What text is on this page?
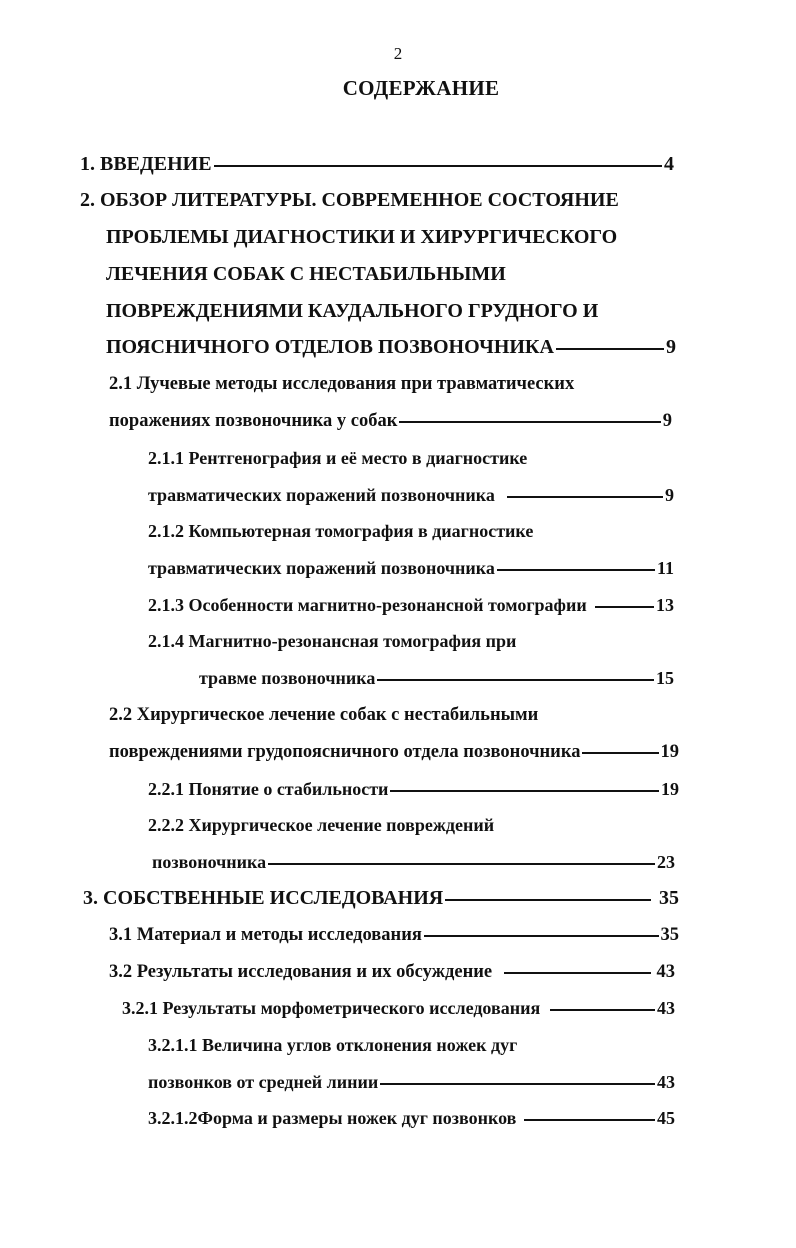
2
СОДЕРЖАНИЕ
1. ВВЕДЕНИЕ	4
2. ОБЗОР ЛИТЕРАТУРЫ. СОВРЕМЕННОЕ СОСТОЯНИЕ
ПРОБЛЕМЫ ДИАГНОСТИКИ И ХИРУРГИЧЕСКОГО
ЛЕЧЕНИЯ СОБАК С НЕСТАБИЛЬНЫМИ
ПОВРЕЖДЕНИЯМИ КАУДАЛЬНОГО ГРУДНОГО И
ПОЯСНИЧНОГО ОТДЕЛОВ ПОЗВОНОЧНИКА	9
2.1 Лучевые методы исследования при травматических
поражениях позвоночника у собак	9
2.1.1 Рентгенография и её место в диагностике
травматических поражений позвоночника	9
2.1.2 Компьютерная томография в диагностике
травматических поражений позвоночника	11
2.1.3 Особенности магнитно-резонансной томографии	13
2.1.4 Магнитно-резонансная томография при
травме позвоночника	15
2.2 Хирургическое лечение собак с нестабильными
повреждениями грудопоясничного отдела позвоночника	19
2.2.1 Понятие о стабильности	19
2.2.2 Хирургическое лечение повреждений
позвоночника	23
3. СОБСТВЕННЫЕ ИССЛЕДОВАНИЯ	35
3.1 Материал и методы исследования	35
3.2 Результаты исследования и их обсуждение	43
3.2.1 Результаты морфометрического исследования	43
3.2.1.1 Величина углов отклонения ножек дуг
позвонков от средней линии	43
3.2.1.2Форма и размеры ножек дуг позвонков	45
